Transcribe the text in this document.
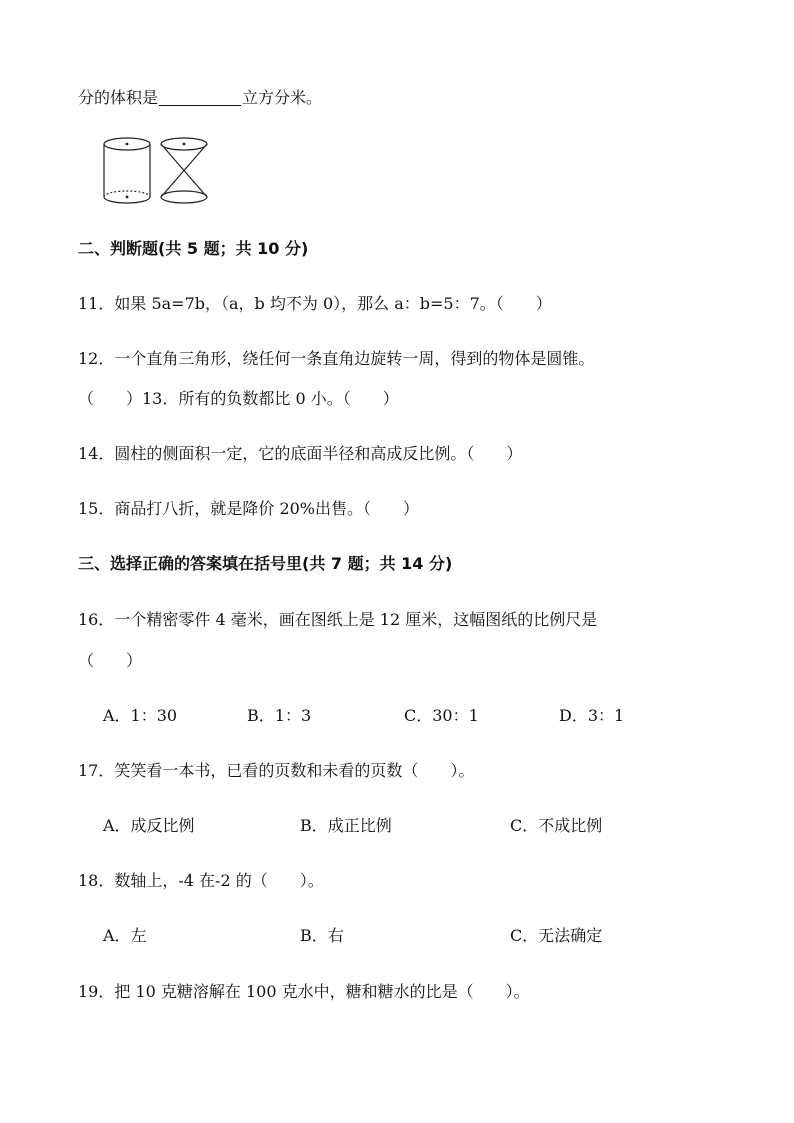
分的体积是	立方分米。
二、判断题(共 5 题；共 10 分)
11．如果 5a=7b，（a，b 均不为 0），那么 a：b=5：7。（　　）
12．一个直角三角形，绕任何一条直角边旋转一周，得到的物体是圆锥。
（　　）13．所有的负数都比 0 小。（　　）
14．圆柱的侧面积一定，它的底面半径和高成反比例。（　　）
15．商品打八折，就是降价 20%出售。（　　）
三、选择正确的答案填在括号里(共 7 题；共 14 分)
16．一个精密零件 4 毫米，画在图纸上是 12 厘米，这幅图纸的比例尺是
（　　）
A．1：30	B．1：3	C．30：1	D．3：1
17．笑笑看一本书，已看的页数和未看的页数（　　）。
A．成反比例	B．成正比例	C．不成比例
18．数轴上，-4 在-2 的（　　）。
A．左	B．右	C．无法确定
19．把 10 克糖溶解在 100 克水中，糖和糖水的比是（　　）。
